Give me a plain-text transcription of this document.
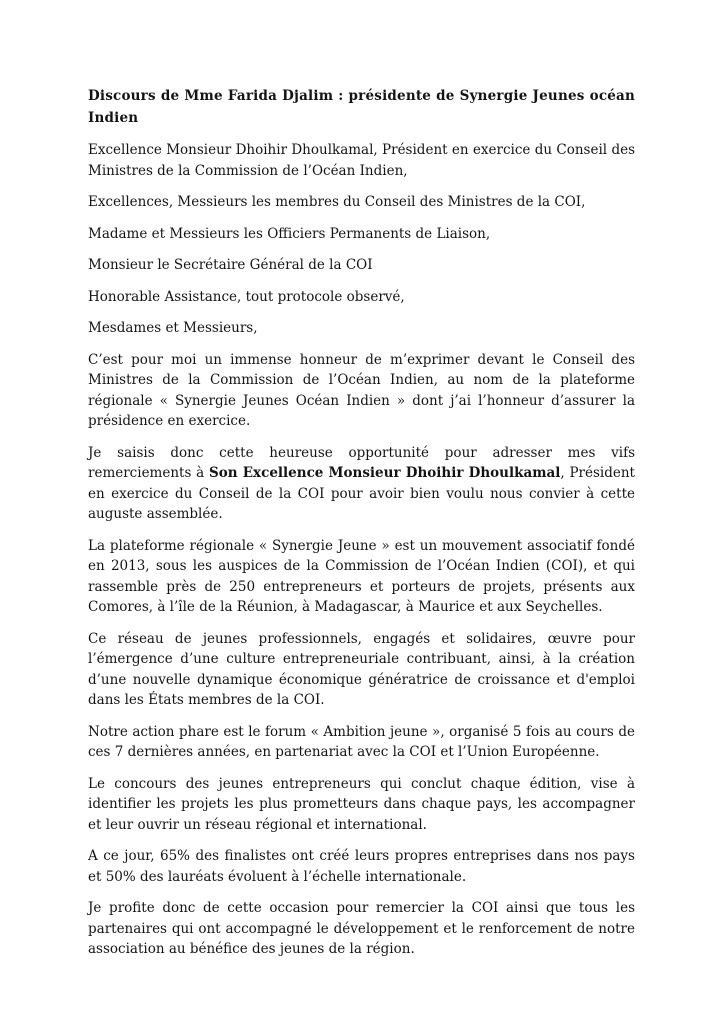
Discours de Mme Farida Djalim : présidente de Synergie Jeunes océan Indien

Excellence Monsieur Dhoihir Dhoulkamal, Président en exercice du Conseil des Ministres de la Commission de l’Océan Indien,

Excellences, Messieurs les membres du Conseil des Ministres de la COI,

Madame et Messieurs les Officiers Permanents de Liaison,

Monsieur le Secrétaire Général de la COI

Honorable Assistance, tout protocole observé,

Mesdames et Messieurs,

C’est pour moi un immense honneur de m’exprimer devant le Conseil des Ministres de la Commission de l’Océan Indien, au nom de la plateforme régionale « Synergie Jeunes Océan Indien » dont j’ai l’honneur d’assurer la présidence en exercice.

Je saisis donc cette heureuse opportunité pour adresser mes vifs remerciements à Son Excellence Monsieur Dhoihir Dhoulkamal, Président en exercice du Conseil de la COI pour avoir bien voulu nous convier à cette auguste assemblée.

La plateforme régionale « Synergie Jeune » est un mouvement associatif fondé en 2013, sous les auspices de la Commission de l’Océan Indien (COI), et qui rassemble près de 250 entrepreneurs et porteurs de projets, présents aux Comores, à l’île de la Réunion, à Madagascar, à Maurice et aux Seychelles.

Ce réseau de jeunes professionnels, engagés et solidaires, œuvre pour l’émergence d’une culture entrepreneuriale contribuant, ainsi, à la création d’une nouvelle dynamique économique génératrice de croissance et d'emploi dans les États membres de la COI.

Notre action phare est le forum « Ambition jeune », organisé 5 fois au cours de ces 7 dernières années, en partenariat avec la COI et l’Union Européenne.

Le concours des jeunes entrepreneurs qui conclut chaque édition, vise à identifier les projets les plus prometteurs dans chaque pays, les accompagner et leur ouvrir un réseau régional et international.

A ce jour, 65% des finalistes ont créé leurs propres entreprises dans nos pays et 50% des lauréats évoluent à l’échelle internationale.

Je profite donc de cette occasion pour remercier la COI ainsi que tous les partenaires qui ont accompagné le développement et le renforcement de notre association au bénéfice des jeunes de la région.
